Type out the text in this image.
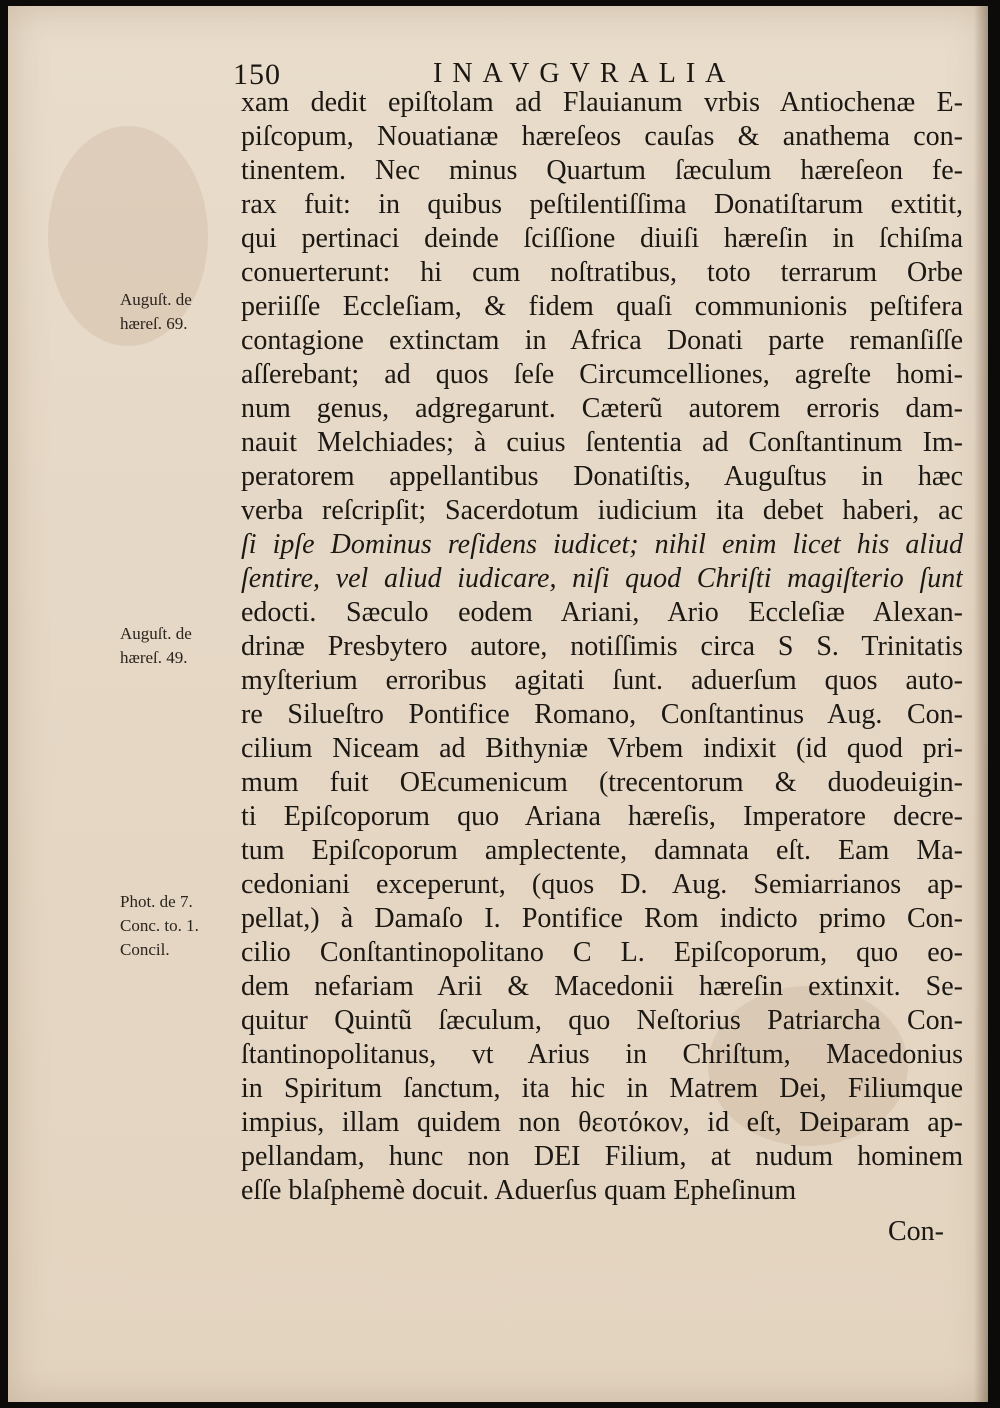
150	INAVGVRALIA
Auguſt. de
hæreſ. 69.
Auguſt. de
hæreſ. 49.
Phot. de 7.
Conc. to. 1.
Concil.
xam dedit epiſtolam ad Flauianum vrbis Antiochenæ E-
piſcopum, Nouatianæ hæreſeos cauſas & anathema con-
tinentem. Nec minus Quartum ſæculum hæreſeon fe-
rax fuit: in quibus peſtilentiſſima Donatiſtarum extitit,
qui pertinaci deinde ſciſſione diuiſi hæreſin in ſchiſma
conuerterunt: hi cum noſtratibus, toto terrarum Orbe
periiſſe Eccleſiam, & fidem quaſi communionis peſtifera
contagione extinctam in Africa Donati parte remanſiſſe
aſſerebant; ad quos ſeſe Circumcelliones, agreſte homi-
num genus, adgregarunt. Cæterũ autorem erroris dam-
nauit Melchiades; à cuius ſententia ad Conſtantinum Im-
peratorem appellantibus Donatiſtis, Auguſtus in hæc
verba reſcripſit; Sacerdotum iudicium ita debet haberi, ac
ſi ipſe Dominus reſidens iudicet; nihil enim licet his aliud
ſentire, vel aliud iudicare, niſi quod Chriſti magiſterio ſunt
edocti. Sæculo eodem Ariani, Ario Eccleſiæ Alexan-
drinæ Presbytero autore, notiſſimis circa S S. Trinitatis
myſterium erroribus agitati ſunt. aduerſum quos auto-
re Silueſtro Pontifice Romano, Conſtantinus Aug. Con-
cilium Niceam ad Bithyniæ Vrbem indixit (id quod pri-
mum fuit OEcumenicum (trecentorum & duodeuigin-
ti Epiſcoporum quo Ariana hæreſis, Imperatore decre-
tum Epiſcoporum amplectente, damnata eſt. Eam Ma-
cedoniani exceperunt, (quos D. Aug. Semiarrianos ap-
pellat,) à Damaſo I. Pontifice Rom indicto primo Con-
cilio Conſtantinopolitano C L. Epiſcoporum, quo eo-
dem nefariam Arii & Macedonii hæreſin extinxit. Se-
quitur Quintũ ſæculum, quo Neſtorius Patriarcha Con-
ſtantinopolitanus, vt Arius in Chriſtum, Macedonius
in Spiritum ſanctum, ita hic in Matrem Dei, Filiumque
impius, illam quidem non θεοτόκον, id eſt, Deiparam ap-
pellandam, hunc non DEI Filium, at nudum hominem
eſſe blaſphemè docuit. Aduerſus quam Epheſinum
Con-
